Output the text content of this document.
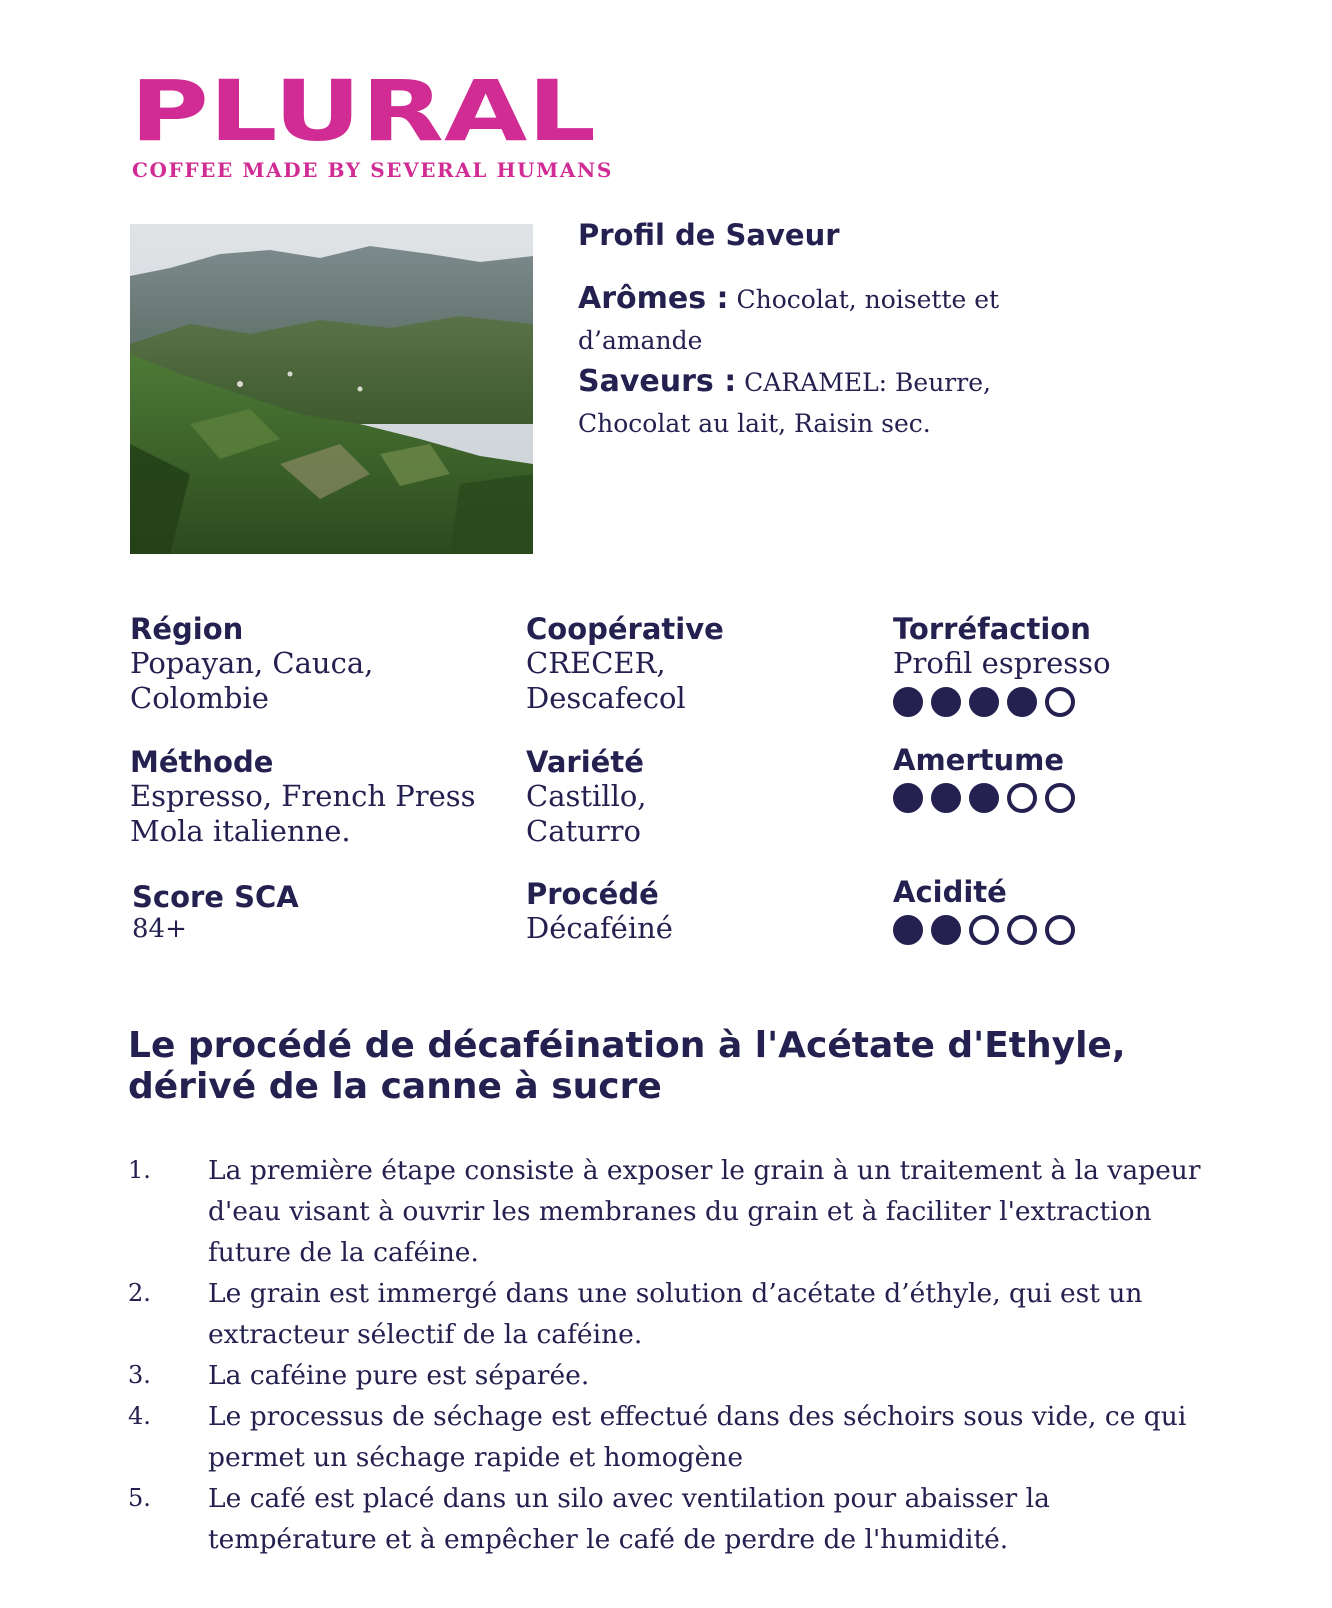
PLURAL
COFFEE MADE BY SEVERAL HUMANS
Profil de Saveur

Arômes : Chocolat, noisette et d’amande

Saveurs : CARAMEL: Beurre, Chocolat au lait, Raisin sec.

Région
Popayan, Cauca,
Colombie
Méthode
Espresso, French Press
Mola italienne.
Score SCA
84+
Coopérative
CRECER,
Descafecol
Variété
Castillo,
Caturro
Procédé
Décaféiné
Torréfaction
Profil espresso
Amertume
Acidité
Le procédé de décaféination à l'Acétate d'Ethyle, dérivé de la canne à sucre
1.	La première étape consiste à exposer le grain à un traitement à la vapeur d'eau visant à ouvrir les membranes du grain et à faciliter l'extraction future de la caféine.
2.	Le grain est immergé dans une solution d’acétate d’éthyle, qui est un extracteur sélectif de la caféine.
3.	La caféine pure est séparée.
4.	Le processus de séchage est effectué dans des séchoirs sous vide, ce qui permet un séchage rapide et homogène
5.	Le café est placé dans un silo avec ventilation pour abaisser la température et à empêcher le café de perdre de l'humidité.
